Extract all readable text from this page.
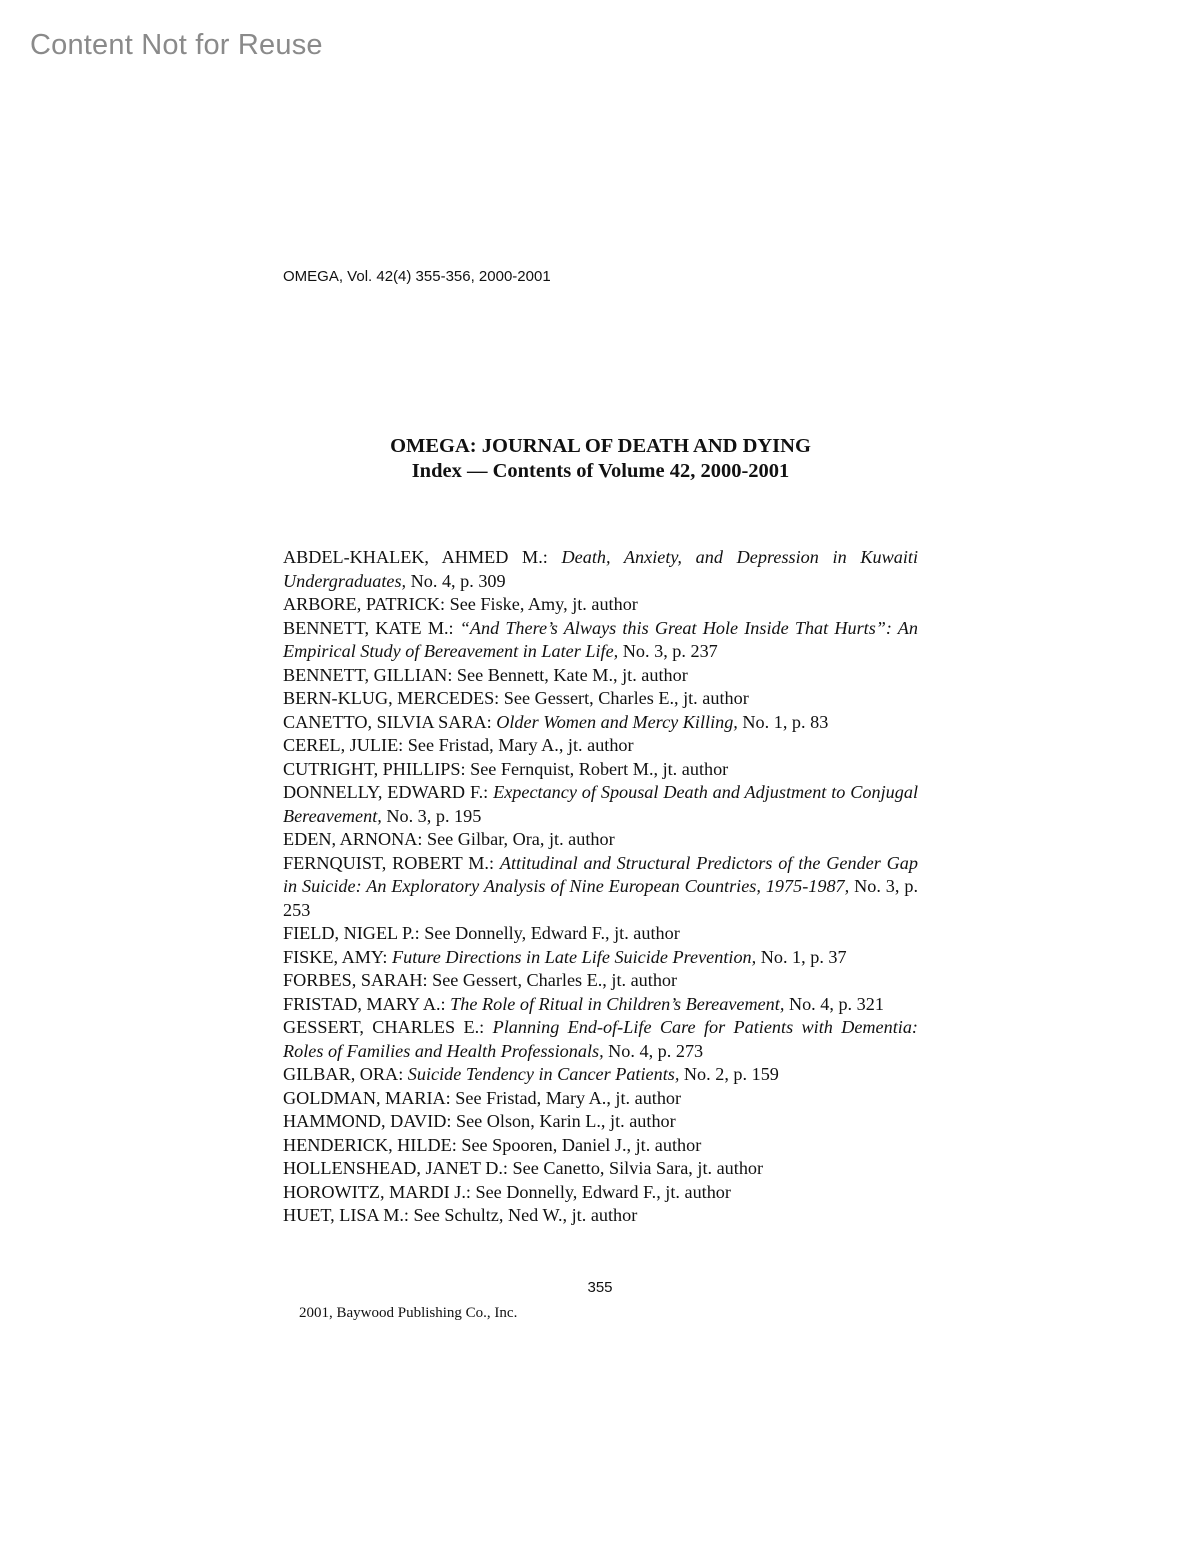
Content Not for Reuse
OMEGA, Vol. 42(4) 355-356, 2000-2001
OMEGA: JOURNAL OF DEATH AND DYING
Index — Contents of Volume 42, 2000-2001

ABDEL-KHALEK, AHMED M.: Death, Anxiety, and Depression in Kuwaiti Undergraduates, No. 4, p. 309

ARBORE, PATRICK: See Fiske, Amy, jt. author

BENNETT, KATE M.: “And There’s Always this Great Hole Inside That Hurts”: An Empirical Study of Bereavement in Later Life, No. 3, p. 237

BENNETT, GILLIAN: See Bennett, Kate M., jt. author

BERN-KLUG, MERCEDES: See Gessert, Charles E., jt. author

CANETTO, SILVIA SARA: Older Women and Mercy Killing, No. 1, p. 83

CEREL, JULIE: See Fristad, Mary A., jt. author

CUTRIGHT, PHILLIPS: See Fernquist, Robert M., jt. author

DONNELLY, EDWARD F.: Expectancy of Spousal Death and Adjustment to Conjugal Bereavement, No. 3, p. 195

EDEN, ARNONA: See Gilbar, Ora, jt. author

FERNQUIST, ROBERT M.: Attitudinal and Structural Predictors of the Gender Gap in Suicide: An Exploratory Analysis of Nine European Countries, 1975-1987, No. 3, p. 253

FIELD, NIGEL P.: See Donnelly, Edward F., jt. author

FISKE, AMY: Future Directions in Late Life Suicide Prevention, No. 1, p. 37

FORBES, SARAH: See Gessert, Charles E., jt. author

FRISTAD, MARY A.: The Role of Ritual in Children’s Bereavement, No. 4, p. 321

GESSERT, CHARLES E.: Planning End-of-Life Care for Patients with Dementia: Roles of Families and Health Professionals, No. 4, p. 273

GILBAR, ORA: Suicide Tendency in Cancer Patients, No. 2, p. 159

GOLDMAN, MARIA: See Fristad, Mary A., jt. author

HAMMOND, DAVID: See Olson, Karin L., jt. author

HENDERICK, HILDE: See Spooren, Daniel J., jt. author

HOLLENSHEAD, JANET D.: See Canetto, Silvia Sara, jt. author

HOROWITZ, MARDI J.: See Donnelly, Edward F., jt. author

HUET, LISA M.: See Schultz, Ned W., jt. author

355
2001, Baywood Publishing Co., Inc.
